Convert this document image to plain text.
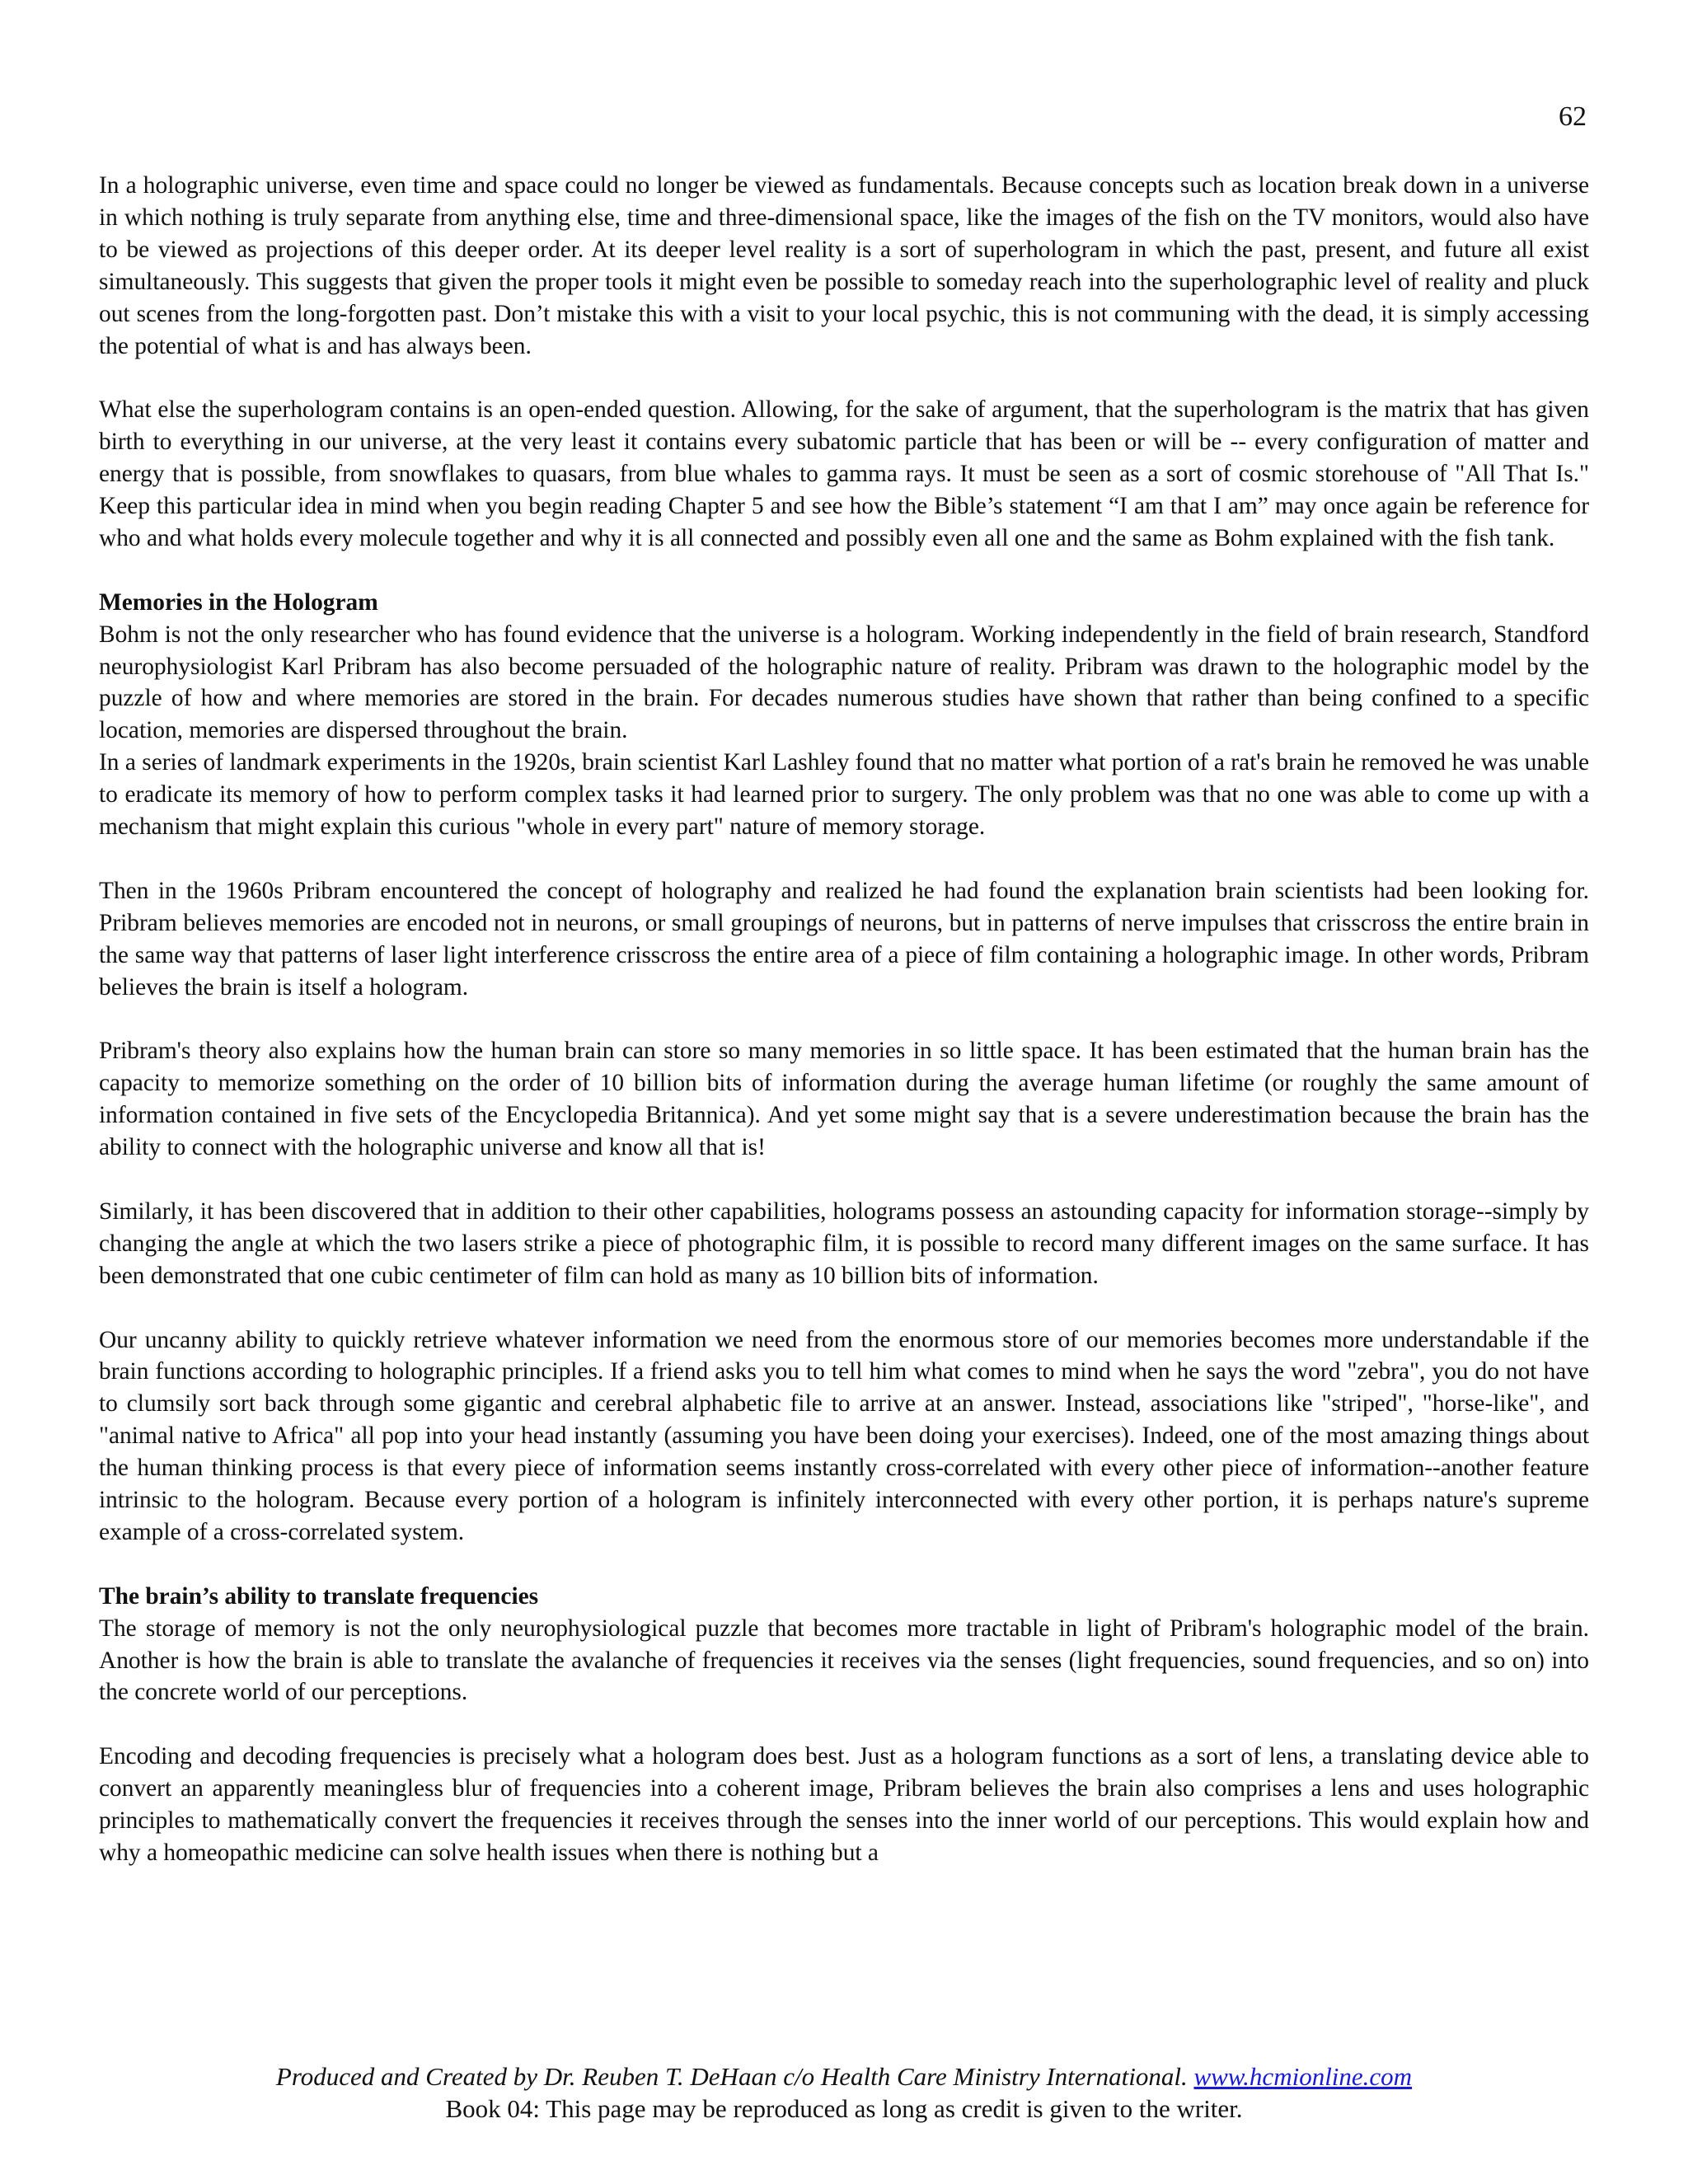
62

In a holographic universe, even time and space could no longer be viewed as fundamentals. Because concepts such as location break down in a universe in which nothing is truly separate from anything else, time and three-dimensional space, like the images of the fish on the TV monitors, would also have to be viewed as projections of this deeper order. At its deeper level reality is a sort of superhologram in which the past, present, and future all exist simultaneously. This suggests that given the proper tools it might even be possible to someday reach into the superholographic level of reality and pluck out scenes from the long-forgotten past. Don’t mistake this with a visit to your local psychic, this is not communing with the dead, it is simply accessing the potential of what is and has always been.

What else the superhologram contains is an open-ended question. Allowing, for the sake of argument, that the superhologram is the matrix that has given birth to everything in our universe, at the very least it contains every subatomic particle that has been or will be -- every configuration of matter and energy that is possible, from snowflakes to quasars, from blue whales to gamma rays. It must be seen as a sort of cosmic storehouse of "All That Is." Keep this particular idea in mind when you begin reading Chapter 5 and see how the Bible’s statement “I am that I am” may once again be reference for who and what holds every molecule together and why it is all connected and possibly even all one and the same as Bohm explained with the fish tank.

Memories in the Hologram

Bohm is not the only researcher who has found evidence that the universe is a hologram. Working independently in the field of brain research, Standford neurophysiologist Karl Pribram has also become persuaded of the holographic nature of reality. Pribram was drawn to the holographic model by the puzzle of how and where memories are stored in the brain. For decades numerous studies have shown that rather than being confined to a specific location, memories are dispersed throughout the brain.

In a series of landmark experiments in the 1920s, brain scientist Karl Lashley found that no matter what portion of a rat's brain he removed he was unable to eradicate its memory of how to perform complex tasks it had learned prior to surgery. The only problem was that no one was able to come up with a mechanism that might explain this curious "whole in every part" nature of memory storage.

Then in the 1960s Pribram encountered the concept of holography and realized he had found the explanation brain scientists had been looking for. Pribram believes memories are encoded not in neurons, or small groupings of neurons, but in patterns of nerve impulses that crisscross the entire brain in the same way that patterns of laser light interference crisscross the entire area of a piece of film containing a holographic image. In other words, Pribram believes the brain is itself a hologram.

Pribram's theory also explains how the human brain can store so many memories in so little space. It has been estimated that the human brain has the capacity to memorize something on the order of 10 billion bits of information during the average human lifetime (or roughly the same amount of information contained in five sets of the Encyclopedia Britannica). And yet some might say that is a severe underestimation because the brain has the ability to connect with the holographic universe and know all that is!

Similarly, it has been discovered that in addition to their other capabilities, holograms possess an astounding capacity for information storage--simply by changing the angle at which the two lasers strike a piece of photographic film, it is possible to record many different images on the same surface. It has been demonstrated that one cubic centimeter of film can hold as many as 10 billion bits of information.

Our uncanny ability to quickly retrieve whatever information we need from the enormous store of our memories becomes more understandable if the brain functions according to holographic principles. If a friend asks you to tell him what comes to mind when he says the word "zebra", you do not have to clumsily sort back through some gigantic and cerebral alphabetic file to arrive at an answer. Instead, associations like "striped", "horse-like", and "animal native to Africa" all pop into your head instantly (assuming you have been doing your exercises). Indeed, one of the most amazing things about the human thinking process is that every piece of information seems instantly cross-correlated with every other piece of information--another feature intrinsic to the hologram. Because every portion of a hologram is infinitely interconnected with every other portion, it is perhaps nature's supreme example of a cross-correlated system.

The brain’s ability to translate frequencies

The storage of memory is not the only neurophysiological puzzle that becomes more tractable in light of Pribram's holographic model of the brain. Another is how the brain is able to translate the avalanche of frequencies it receives via the senses (light frequencies, sound frequencies, and so on) into the concrete world of our perceptions.

Encoding and decoding frequencies is precisely what a hologram does best. Just as a hologram functions as a sort of lens, a translating device able to convert an apparently meaningless blur of frequencies into a coherent image, Pribram believes the brain also comprises a lens and uses holographic principles to mathematically convert the frequencies it receives through the senses into the inner world of our perceptions. This would explain how and why a homeopathic medicine can solve health issues when there is nothing but a

Produced and Created by Dr. Reuben T. DeHaan c/o Health Care Ministry International. www.hcmionline.com
Book 04: This page may be reproduced as long as credit is given to the writer.
